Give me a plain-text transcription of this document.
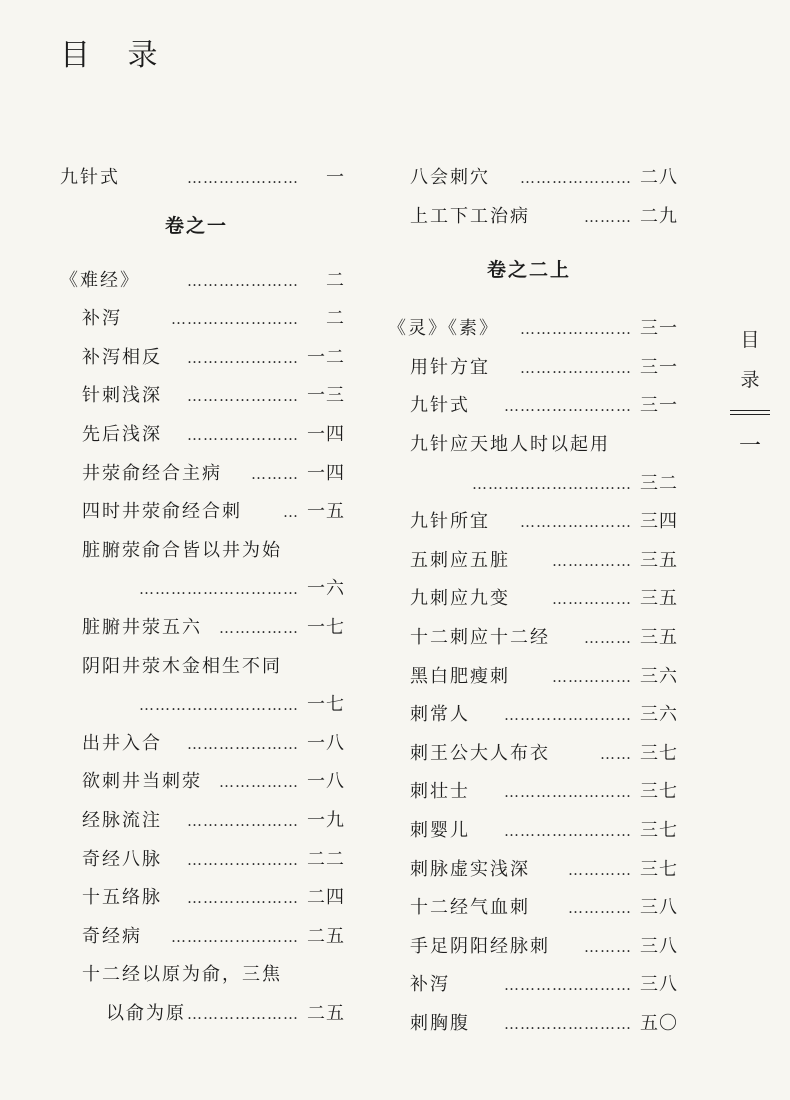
目 录
九针式	………………… 一
卷之一
《难经》	………………… 二
补泻	…………………… 二
补泻相反 ………………… 一二
针刺浅深 ………………… 一三
先后浅深 ………………… 一四
井荥俞经合主病 ……… 一四
四时井荥俞经合刺	… 一五
脏腑荥俞合皆以井为始
………………………… 一六
脏腑井荥五六 …………… 一七
阴阳井荥木金相生不同
………………………… 一七
出井入合 ………………… 一八
欲刺井当刺荥 …………… 一八
经脉流注 ………………… 一九
奇经八脉 ………………… 二二
十五络脉 ………………… 二四
奇经病 …………………… 二五
十二经以原为俞，三焦
以俞为原 ………………… 二五
八会刺穴 ………………… 二八
上工下工治病	……… 二九
卷之二上
《灵》《素》 ………………… 三一
用针方宜 ………………… 三一
九针式 …………………… 三一
九针应天地人时以起用
………………………… 三二
九针所宜 ………………… 三四
五刺应五脏	…………… 三五
九刺应九变	…………… 三五
十二刺应十二经 ……… 三五
黑白肥瘦刺	…………… 三六
刺常人 …………………… 三六
刺王公大人布衣	…… 三七
刺壮士 …………………… 三七
刺婴儿 …………………… 三七
刺脉虚实浅深	………… 三七
十二经气血刺	………… 三八
手足阴阳经脉刺 ……… 三八
补泻	…………………… 三八
刺胸腹 …………………… 五〇
目
录
一
